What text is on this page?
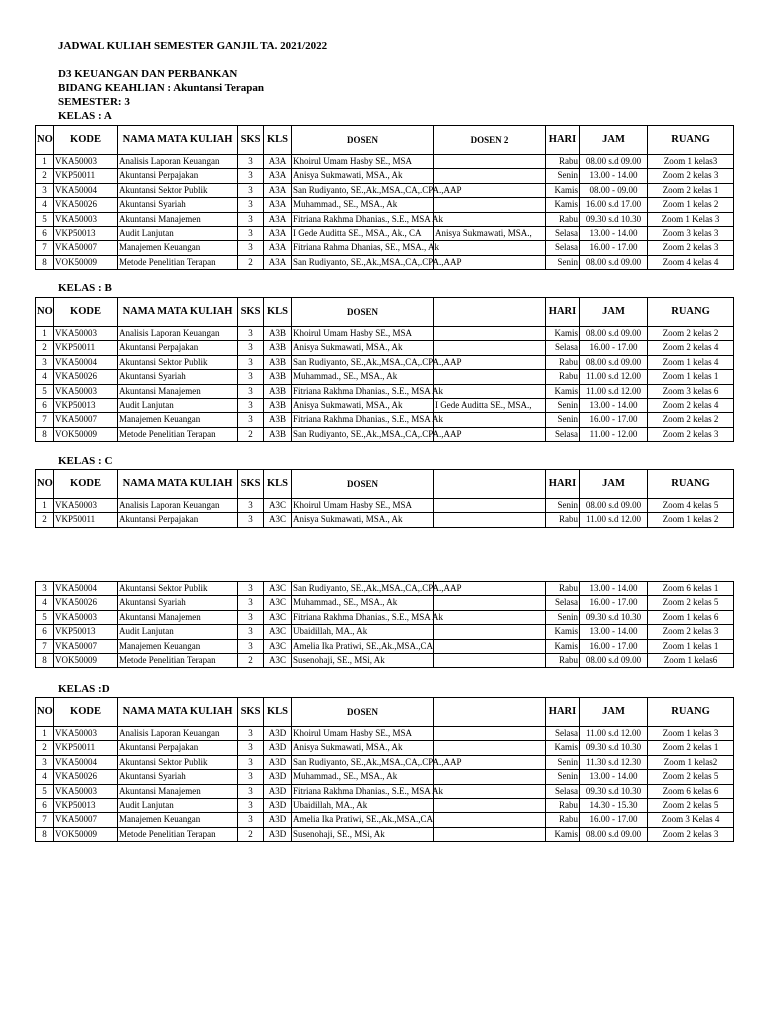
JADWAL KULIAH SEMESTER GANJIL TA. 2021/2022
D3 KEUANGAN DAN PERBANKAN
BIDANG KEAHLIAN : Akuntansi Terapan
SEMESTER: 3
KELAS : A
NO	KODE	NAMA MATA KULIAH	SKS	KLS	DOSEN	DOSEN 2	HARI	JAM	RUANG
1	VKA50003	Analisis Laporan Keuangan	3	A3A	Khoirul Umam Hasby SE., MSA		Rabu	08.00 s.d 09.00	Zoom 1 kelas3
2	VKP50011	Akuntansi Perpajakan	3	A3A	Anisya Sukmawati, MSA., Ak		Senin	13.00 - 14.00	Zoom 2 kelas 3
3	VKA50004	Akuntansi Sektor Publik	3	A3A	San Rudiyanto, SE.,Ak.,MSA.,CA,.CPA.,AAP		Kamis	08.00 - 09.00	Zoom 2 kelas 1
4	VKA50026	Akuntansi Syariah	3	A3A	Muhammad., SE., MSA., Ak		Kamis	16.00 s.d 17.00	Zoom 1 kelas 2
5	VKA50003	Akuntansi Manajemen	3	A3A	Fitriana Rakhma Dhanias., S.E., MSA Ak		Rabu	09.30 s.d 10.30	Zoom 1 Kelas 3
6	VKP50013	Audit Lanjutan	3	A3A	I Gede Auditta SE., MSA., Ak., CA	Anisya Sukmawati, MSA.,	Selasa	13.00 - 14.00	Zoom 3 kelas 3
7	VKA50007	Manajemen Keuangan	3	A3A	Fitriana Rahma Dhanias, SE., MSA., Ak		Selasa	16.00 - 17.00	Zoom 2 kelas 3
8	VOK50009	Metode Penelitian Terapan	2	A3A	San Rudiyanto, SE.,Ak.,MSA.,CA,.CPA.,AAP		Senin	08.00 s.d 09.00	Zoom 4 kelas 4
KELAS : B
NO	KODE	NAMA MATA KULIAH	SKS	KLS	DOSEN		HARI	JAM	RUANG
1	VKA50003	Analisis Laporan Keuangan	3	A3B	Khoirul Umam Hasby SE., MSA		Kamis	08.00 s.d 09.00	Zoom 2 kelas 2
2	VKP50011	Akuntansi Perpajakan	3	A3B	Anisya Sukmawati, MSA., Ak		Selasa	16.00 - 17.00	Zoom 2 kelas 4
3	VKA50004	Akuntansi Sektor Publik	3	A3B	San Rudiyanto, SE.,Ak.,MSA.,CA,.CPA.,AAP		Rabu	08.00 s.d 09.00	Zoom 1 kelas 4
4	VKA50026	Akuntansi Syariah	3	A3B	Muhammad., SE., MSA., Ak		Rabu	11.00 s.d 12.00	Zoom 1 kelas 1
5	VKA50003	Akuntansi Manajemen	3	A3B	Fitriana Rakhma Dhanias., S.E., MSA Ak		Kamis	11.00 s.d 12.00	Zoom 3 kelas 6
6	VKP50013	Audit Lanjutan	3	A3B	Anisya Sukmawati, MSA., Ak	I Gede Auditta SE., MSA.,	Senin	13.00 - 14.00	Zoom 2 kelas 4
7	VKA50007	Manajemen Keuangan	3	A3B	Fitriana Rakhma Dhanias., S.E., MSA Ak		Senin	16.00 - 17.00	Zoom 2 kelas 2
8	VOK50009	Metode Penelitian Terapan	2	A3B	San Rudiyanto, SE.,Ak.,MSA.,CA,.CPA.,AAP		Selasa	11.00 - 12.00	Zoom 2 kelas 3
KELAS : C
NO	KODE	NAMA MATA KULIAH	SKS	KLS	DOSEN		HARI	JAM	RUANG
1	VKA50003	Analisis Laporan Keuangan	3	A3C	Khoirul Umam Hasby SE., MSA		Senin	08.00 s.d 09.00	Zoom 4 kelas 5
2	VKP50011	Akuntansi Perpajakan	3	A3C	Anisya Sukmawati, MSA., Ak		Rabu	11.00 s.d 12.00	Zoom 1 kelas 2
3	VKA50004	Akuntansi Sektor Publik	3	A3C	San Rudiyanto, SE.,Ak.,MSA.,CA,.CPA.,AAP		Rabu	13.00 - 14.00	Zoom 6 kelas 1
4	VKA50026	Akuntansi Syariah	3	A3C	Muhammad., SE., MSA., Ak		Selasa	16.00 - 17.00	Zoom 2 kelas 5
5	VKA50003	Akuntansi Manajemen	3	A3C	Fitriana Rakhma Dhanias., S.E., MSA Ak		Senin	09.30 s.d 10.30	Zoom 1 kelas 6
6	VKP50013	Audit Lanjutan	3	A3C	Ubaidillah, MA., Ak		Kamis	13.00 - 14.00	Zoom 2 kelas 3
7	VKA50007	Manajemen Keuangan	3	A3C	Amelia Ika Pratiwi, SE.,Ak.,MSA.,CA		Kamis	16.00 - 17.00	Zoom 1 kelas 1
8	VOK50009	Metode Penelitian Terapan	2	A3C	Susenohaji, SE., MSi, Ak		Rabu	08.00 s.d 09.00	Zoom 1 kelas6
KELAS :D
NO	KODE	NAMA MATA KULIAH	SKS	KLS	DOSEN		HARI	JAM	RUANG
1	VKA50003	Analisis Laporan Keuangan	3	A3D	Khoirul Umam Hasby SE., MSA		Selasa	11.00 s.d 12.00	Zoom 1 kelas 3
2	VKP50011	Akuntansi Perpajakan	3	A3D	Anisya Sukmawati, MSA., Ak		Kamis	09.30 s.d 10.30	Zoom 2 kelas 1
3	VKA50004	Akuntansi Sektor Publik	3	A3D	San Rudiyanto, SE.,Ak.,MSA.,CA,.CPA.,AAP		Senin	11.30 s.d 12.30	Zoom 1 kelas2
4	VKA50026	Akuntansi Syariah	3	A3D	Muhammad., SE., MSA., Ak		Senin	13.00 - 14.00	Zoom 2 kelas 5
5	VKA50003	Akuntansi Manajemen	3	A3D	Fitriana Rakhma Dhanias., S.E., MSA Ak		Selasa	09.30 s.d 10.30	Zoom 6 kelas 6
6	VKP50013	Audit Lanjutan	3	A3D	Ubaidillah, MA., Ak		Rabu	14.30 - 15.30	Zoom 2 kelas 5
7	VKA50007	Manajemen Keuangan	3	A3D	Amelia Ika Pratiwi, SE.,Ak.,MSA.,CA		Rabu	16.00 - 17.00	Zoom 3 Kelas 4
8	VOK50009	Metode Penelitian Terapan	2	A3D	Susenohaji, SE., MSi, Ak		Kamis	08.00 s.d 09.00	Zoom 2 kelas 3
